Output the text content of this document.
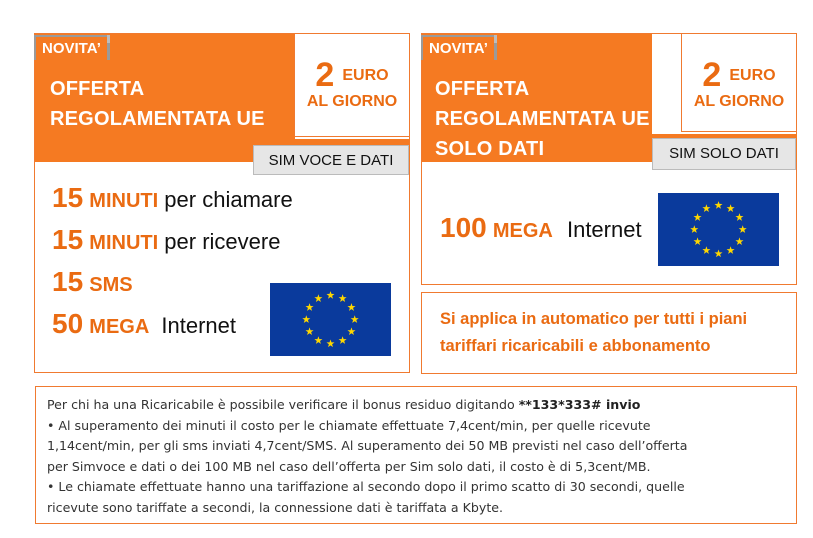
NOVITA’
OFFERTA
REGOLAMENTATA UE
2 EURO
AL GIORNO
SIM VOCE E DATI
15 MINUTI per chiamare
15 MINUTI per ricevere
15 SMS
50 MEGA Internet
NOVITA’
OFFERTA
REGOLAMENTATA UE
SOLO DATI
2 EURO
AL GIORNO
SIM SOLO DATI
100 MEGA Internet
Si applica in automatico per tutti i piani
tariffari ricaricabili e abbonamento
Per chi ha una Ricaricabile è possibile verificare il bonus residuo digitando **133*333# invio
• Al superamento dei minuti il costo per le chiamate effettuate 7,4cent/min, per quelle ricevute
1,14cent/min, per gli sms inviati 4,7cent/SMS. Al superamento dei 50 MB previsti nel caso dell’offerta
per Simvoce e dati o dei 100 MB nel caso dell’offerta per Sim solo dati, il costo è di 5,3cent/MB.
• Le chiamate effettuate hanno una tariffazione al secondo dopo il primo scatto di 30 secondi, quelle
ricevute sono tariffate a secondi, la connessione dati è tariffata a Kbyte.
